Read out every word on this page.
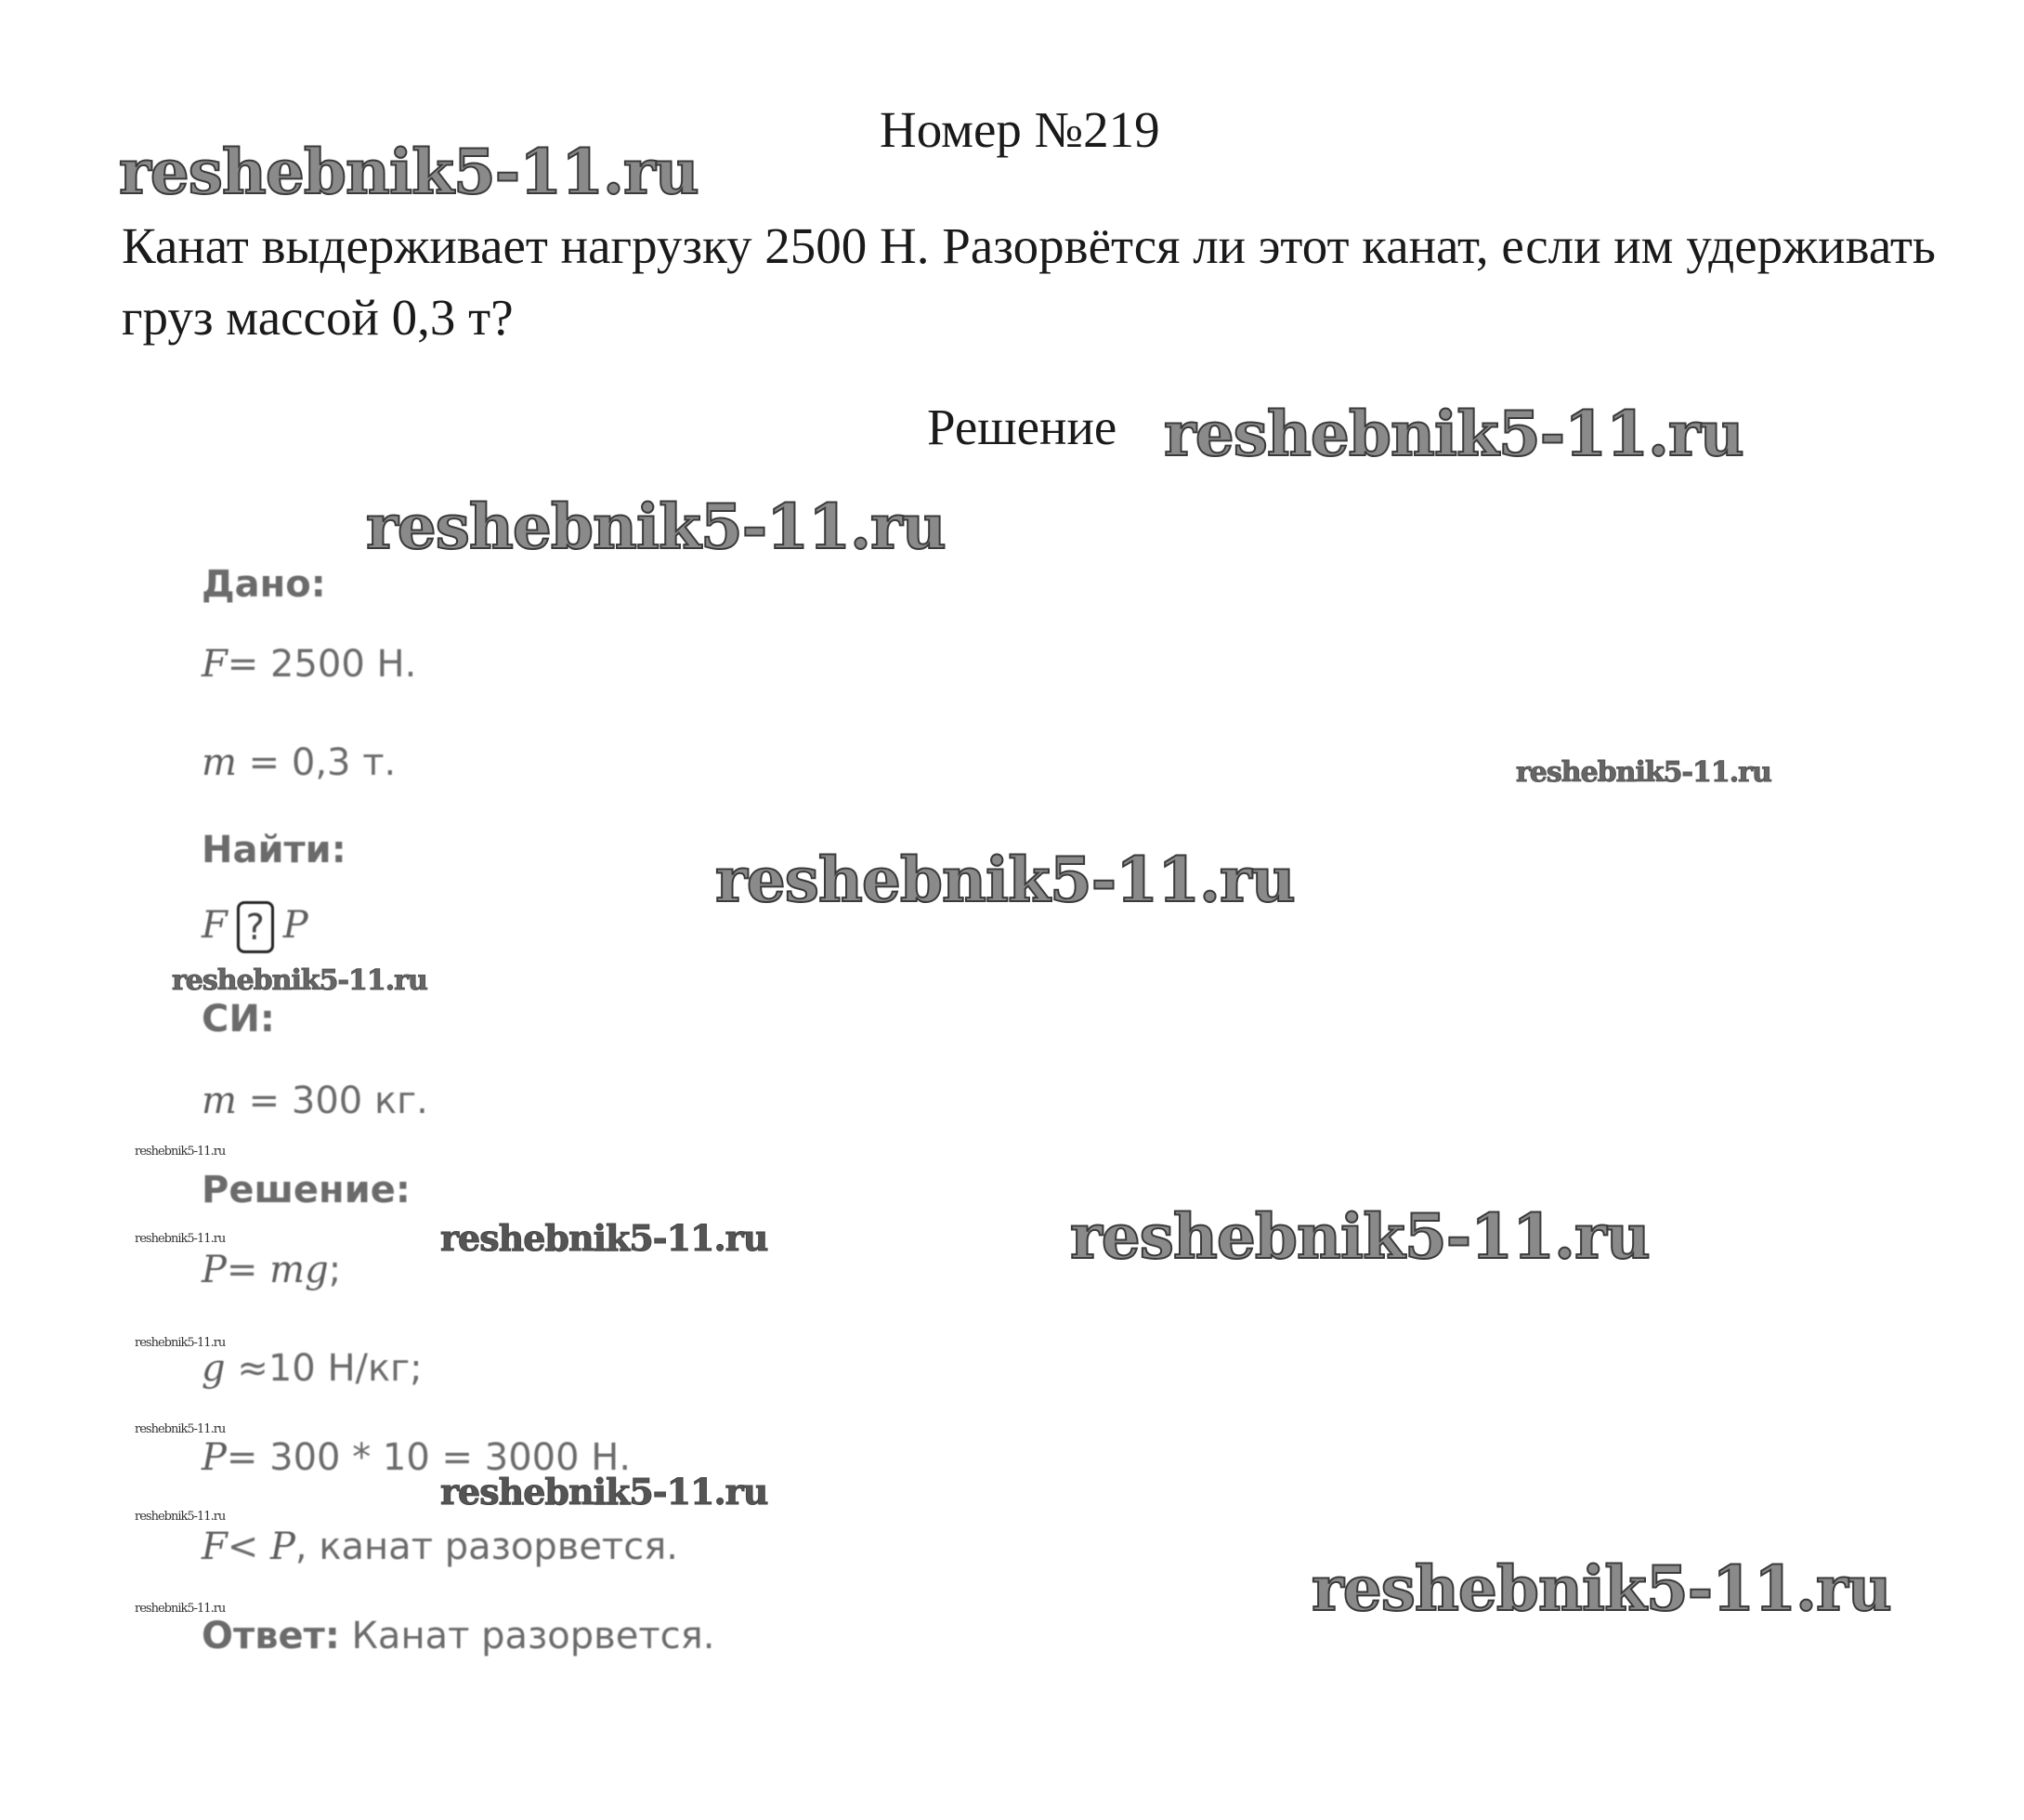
Номер №219
reshebnik5-11.ru
reshebnik5-11.ru
reshebnik5-11.ru
reshebnik5-11.ru
reshebnik5-11.ru
reshebnik5-11.ru
reshebnik5-11.ru
reshebnik5-11.ru
reshebnik5-11.ru
reshebnik5-11.ru
reshebnik5-11.ru
reshebnik5-11.ru
reshebnik5-11.ru
reshebnik5-11.ru
reshebnik5-11.ru
reshebnik5-11.ru
Канат выдерживает нагрузку 2500 Н. Разорвётся ли этот канат, если им удерживать груз массой 0,3 т?
Решение
Дано:
F= 2500 Н.
m = 0,3 т.
Найти:
F ? P
СИ:
m = 300 кг.
Решение:
P= mg;
g ≈10 Н/кг;
P= 300 * 10 = 3000 Н.
F< P, канат разорвется.
Ответ: Канат разорвется.
